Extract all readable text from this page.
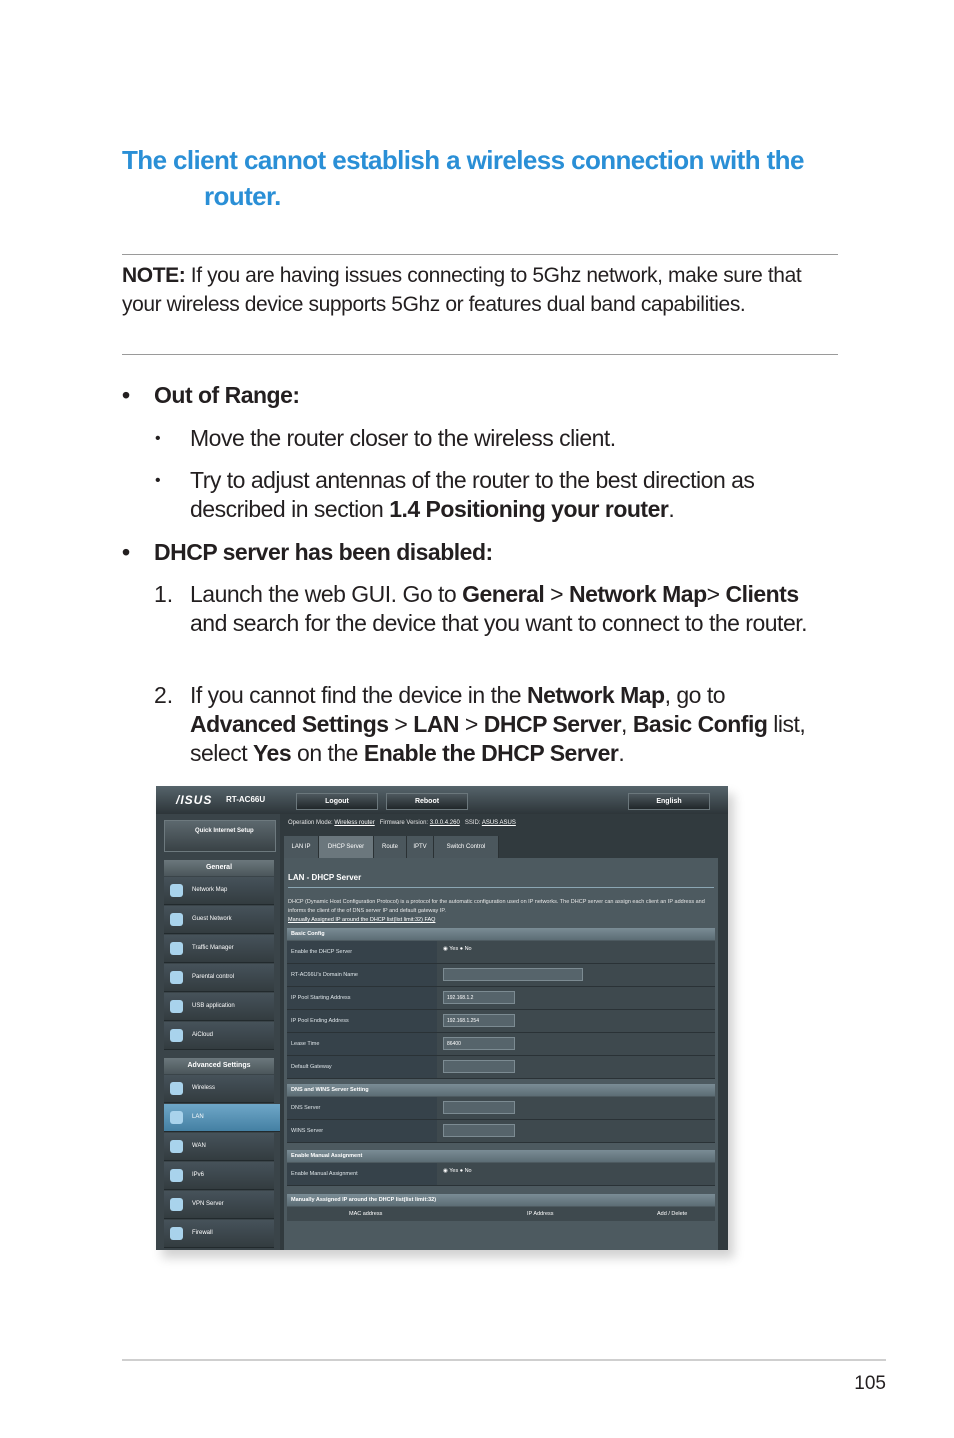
The client cannot establish a wireless connection with the
router.
NOTE: If you are having issues connecting to 5Ghz network, make sure that your wireless device supports 5Ghz or features dual band capabilities.
• Out of Range:
• Move the router closer to the wireless client.
• Try to adjust antennas of the router to the best direction as described in section 1.4 Positioning your router.
• DHCP server has been disabled:
1. Launch the web GUI. Go to General > Network Map> Clients and search for the device that you want to connect to the router.
2. If you cannot find the device in the Network Map, go to Advanced Settings > LAN > DHCP Server, Basic Config list, select Yes on the Enable the DHCP Server.
/ISUS RT-AC66U	Logout	Reboot	English
Quick Internet Setup
General
Network Map
Guest Network
Traffic Manager
Parental control
USB application
AiCloud
Advanced Settings
Wireless
LAN
WAN
IPv6
VPN Server
Firewall
Operation Mode: Wireless router Firmware Version: 3.0.0.4.260 SSID: ASUS ASUS
LAN IP	DHCP Server	Route	IPTV	Switch Control
LAN - DHCP Server
DHCP (Dynamic Host Configuration Protocol) is a protocol for the automatic configuration used on IP networks. The DHCP server can assign each client an IP address and informs the client of the of DNS server IP and default gateway IP.
Manually Assigned IP around the DHCP list(list limit:32) FAQ
Basic Config
Enable the DHCP Server	◉ Yes ● No
RT-AC66U's Domain Name
IP Pool Starting Address	192.168.1.2
IP Pool Ending Address	192.168.1.254
Lease Time	86400
Default Gateway
DNS and WINS Server Setting
DNS Server
WINS Server
Enable Manual Assignment
Enable Manual Assignment	◉ Yes ● No
Manually Assigned IP around the DHCP list(list limit:32)
MAC address	IP Address	Add / Delete
105
